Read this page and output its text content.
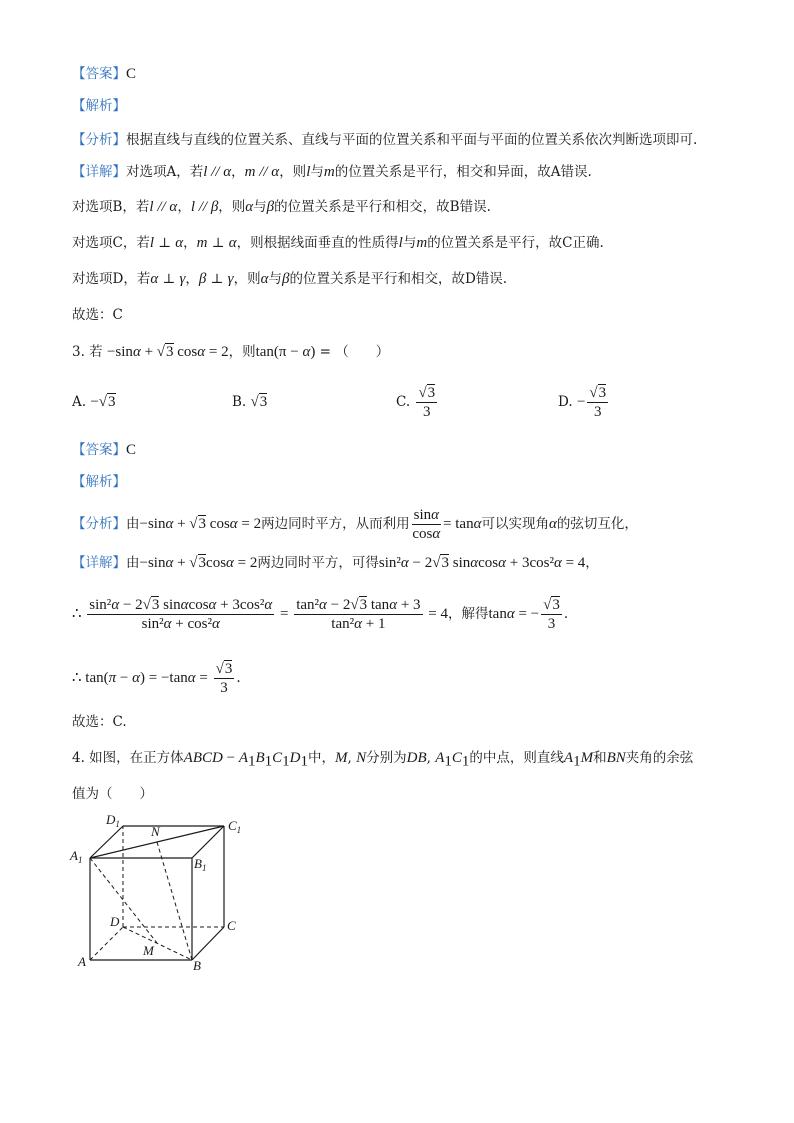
【答案】C
【解析】
【分析】根据直线与直线的位置关系、直线与平面的位置关系和平面与平面的位置关系依次判断选项即可.
【详解】对选项A，若l // α，m // α，则l与m的位置关系是平行，相交和异面，故A错误.
对选项B，若l // α，l // β，则α与β的位置关系是平行和相交，故B错误.
对选项C，若l ⊥ α，m ⊥ α，则根据线面垂直的性质得l与m的位置关系是平行，故C正确.
对选项D，若α ⊥ γ，β ⊥ γ，则α与β的位置关系是平行和相交，故D错误.
故选：C
3. 若 −sinα + √3 cosα = 2，则tan(π − α) = （　　）
A. −√3	B. √3	C. $\frac{√3}{3}$	D. − $\frac{√3}{3}$
【答案】C
【解析】
【分析】由−sinα + √3 cosα = 2两边同时平方，从而利用 $\frac{\sin\alpha}{\cos\alpha} = \tan\alpha$可以实现角α的弦切互化，
【详解】由−sinα + √3cosα = 2两边同时平方，可得sin²α − 2√3 sinαcosα + 3cos²α = 4，
∴ $\frac{\text{sin²α − 2√3 sinαcosα + 3cos²α}}{\text{sin²α + cos²α}} = \frac{\text{tan²α − 2√3 tanα + 3}}{\text{tan²α + 1}} = 4$，解得tanα = − $\frac{√3}{3}$ .
∴ $\tan(\pi - \alpha) = -\tan\alpha = \frac{√3}{3}$ .
故选：C.
4. 如图，在正方体ABCD − $A_1B_1C_1D_1$中，M, N分别为DB, $A_1C_1$的中点，则直线$A_1M$和BN夹角的余弦
值为（　　）
$D_1$ N	$C_1$
$A_1$	$B_1$
D	C
M
A	B
